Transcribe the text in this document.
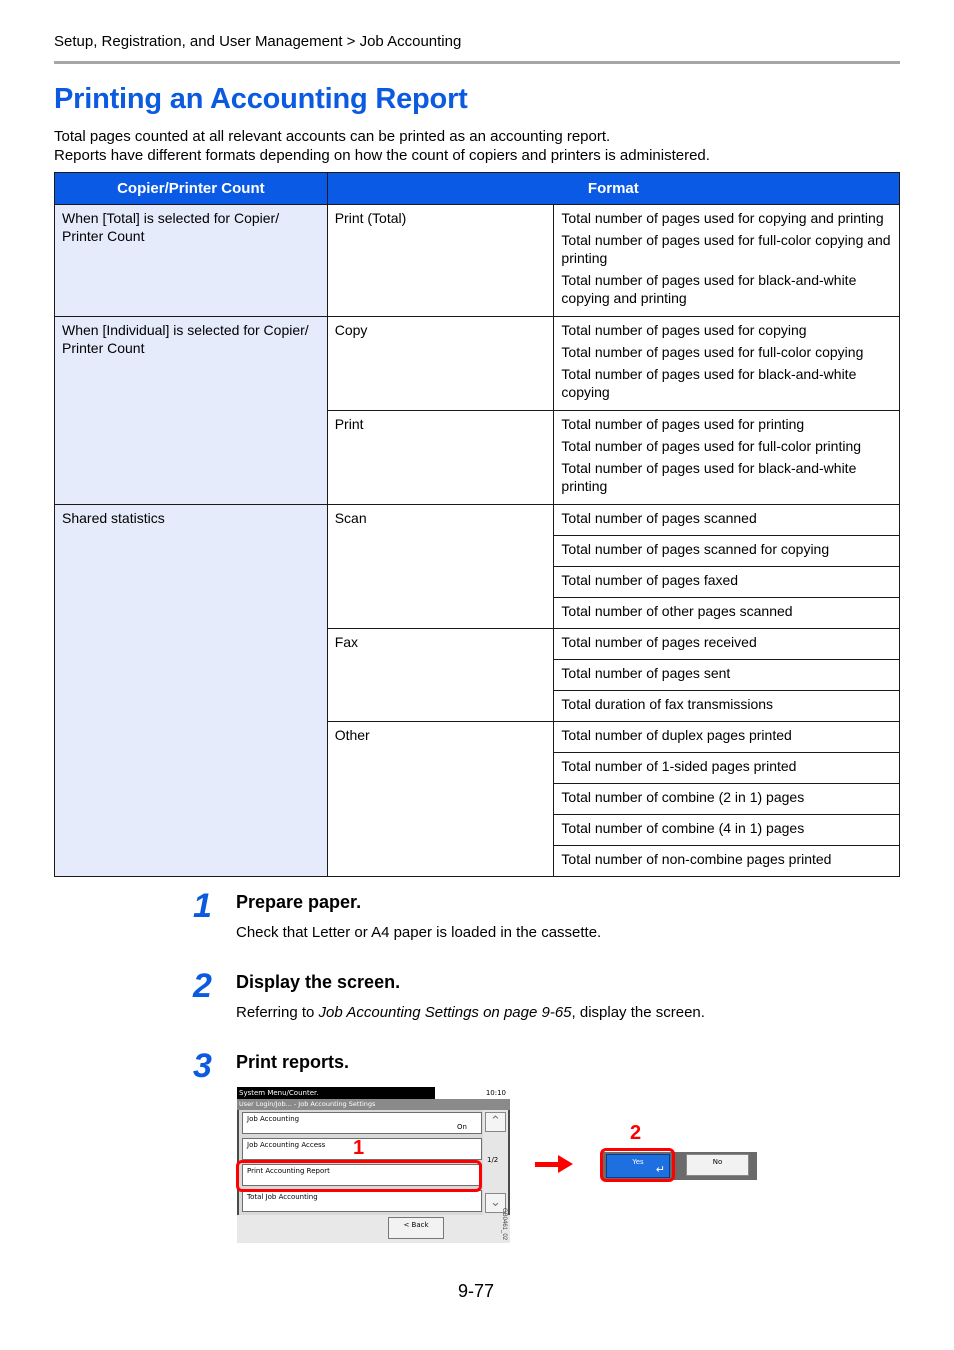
Setup, Registration, and User Management > Job Accounting
Printing an Accounting Report
Total pages counted at all relevant accounts can be printed as an accounting report.
Reports have different formats depending on how the count of copiers and printers is administered.
Copier/Printer Count	Format	
When [Total] is selected for Copier/ Printer Count	Print (Total)	Total number of pages used for copying and printing
Total number of pages used for full-color copying and printing
Total number of pages used for black-and-white copying and printing

When [Individual] is selected for Copier/ Printer Count	Copy	Total number of pages used for copying
Total number of pages used for full-color copying
Total number of pages used for black-and-white copying

	Print	Total number of pages used for printing
Total number of pages used for full-color printing
Total number of pages used for black-and-white printing

Shared statistics	Scan	Total number of pages scanned
		Total number of pages scanned for copying
		Total number of pages faxed
		Total number of other pages scanned
	Fax	Total number of pages received
		Total number of pages sent
		Total duration of fax transmissions
	Other	Total number of duplex pages printed
		Total number of 1-sided pages printed
		Total number of combine (2 in 1) pages
		Total number of combine (4 in 1) pages
		Total number of non-combine pages printed
1 Prepare paper.
Check that Letter or A4 paper is loaded in the cassette.
2 Display the screen.
Referring to Job Accounting Settings on page 9-65, display the screen.
3 Print reports.
System Menu/Counter.	10:10
User Login/Job... - Job Accounting Settings
Job Accounting
On
Job Accounting Access
Print Accounting Report
Total Job Accounting
⌃
1/2
⌄
< Back
1
GB0461_02
Yes
↵
No
2
9-77
